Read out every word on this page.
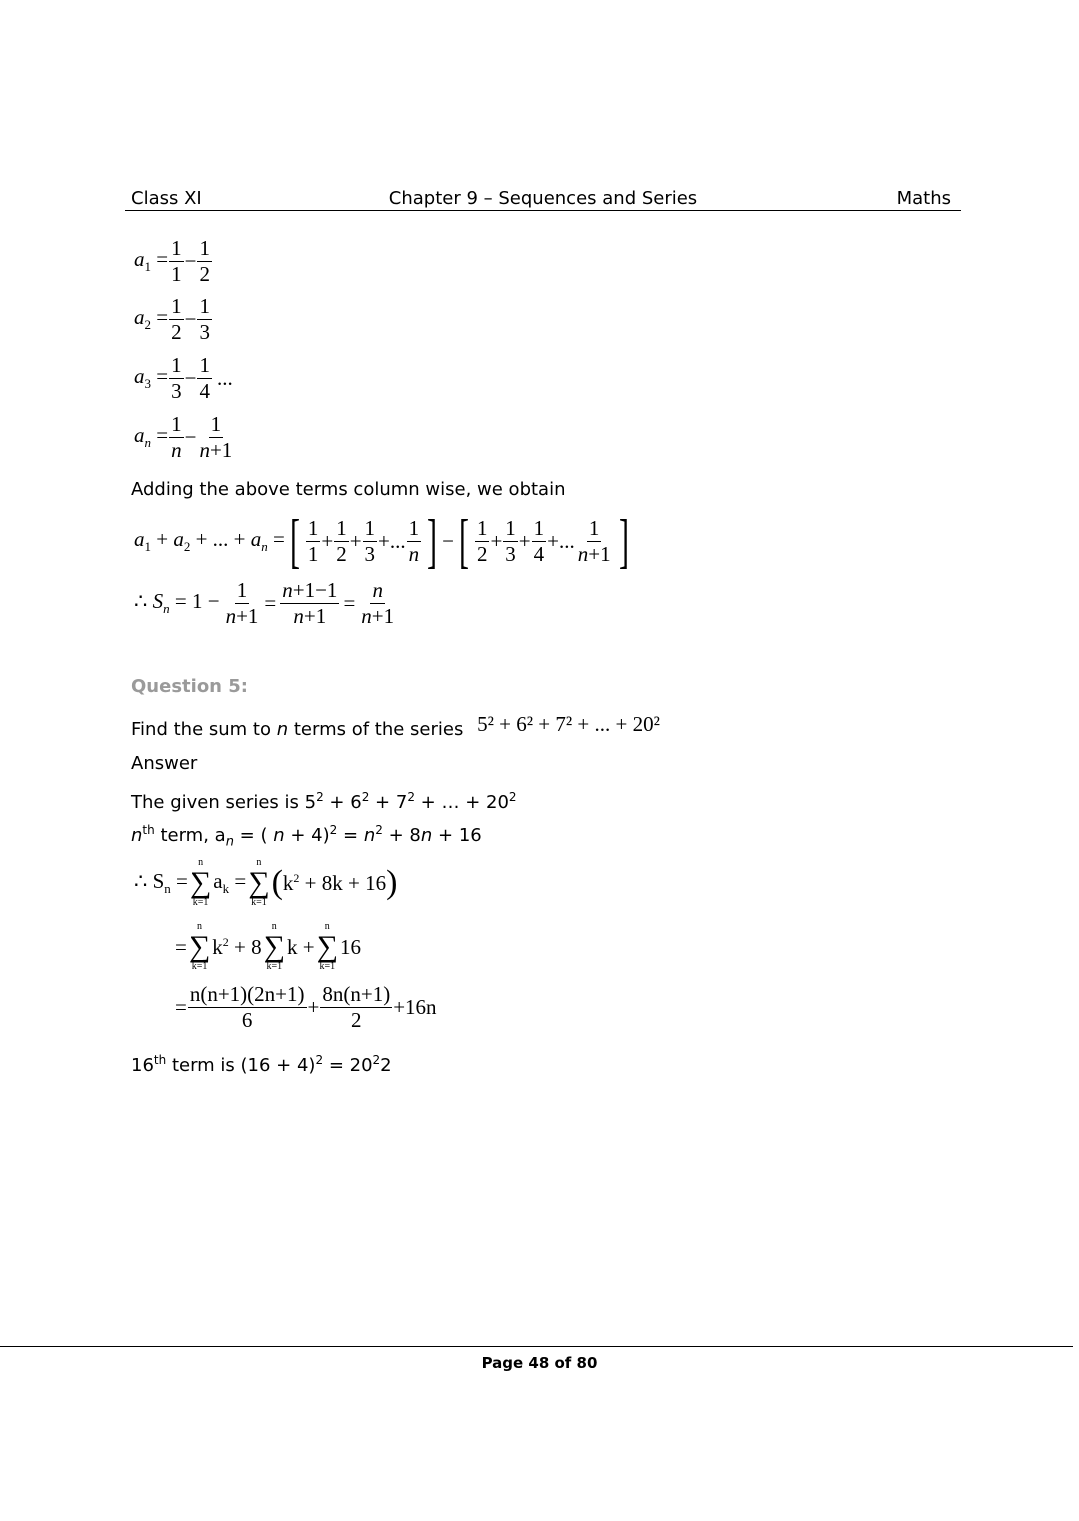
Class XI	Chapter 9 – Sequences and Series	Maths
$a_1 = \frac{1}{1} - \frac{1}{2}$
$a_2 = \frac{1}{2} - \frac{1}{3}$
$a_3 = \frac{1}{3} - \frac{1}{4}$ ...
$a_n = \frac{1}{n} - \frac{1}{n+1}$
Adding the above terms column wise, we obtain
$a_1 + a_2$ + ... + $a_n$ = [ $\frac{1}{1} + \frac{1}{2} + \frac{1}{3}$ +... $\frac{1}{n}$ ] − [ $\frac{1}{2} + \frac{1}{3} + \frac{1}{4}$ +... $\frac{1}{n+1}$ ]
∴ $S_n = 1 - \frac{1}{n+1} = \frac{n+1-1}{n+1} = \frac{n}{n+1}$
Question 5:
Find the sum to n terms of the series 5² + 6² + 7² + ... + 20²
Answer
The given series is $5^2 + 6^2 + 7^2$ + … + $20^2$
$n^{th}$ term, $a_n$ = ( $n + 4)^2 = n^2 + 8n + 16$
∴ $S_n$ =
n
∑
k=1
$a_k$ =
n
∑
k=1
( $k^2 + 8k + 16$ )
=
n
∑
k=1
$k^2 + 8$
n
∑
k=1
k +
n
∑
k=1
16
= $\frac{n(n+1)(2n+1)}{6} + \frac{8n(n+1)}{2} +16n$
16th term is $(16 + 4)^2 = 20^22$
Page 48 of 80
